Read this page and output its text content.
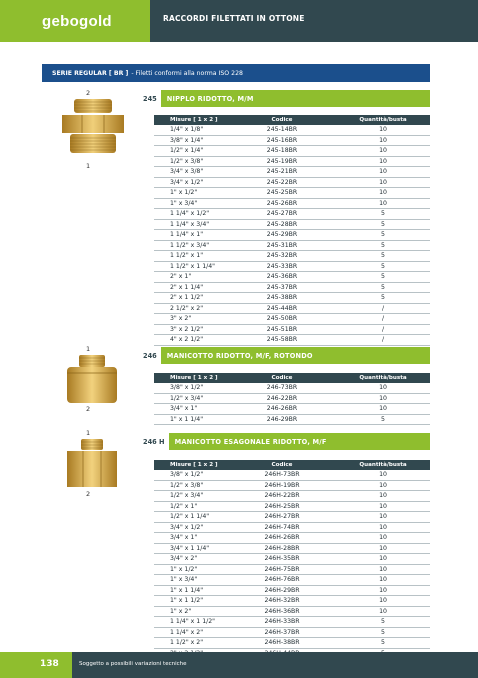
gebogold	RACCORDI FILETTATI IN OTTONE
SERIE REGULAR [ BR ] - Filetti conformi alla norma ISO 228
2
1
245	NIPPLO RIDOTTO, M/M
Misure [ 1 x 2 ]	Codice	Quantità/busta
1/4" x 1/8"	245-14BR	10
3/8" x 1/4"	245-16BR	10
1/2" x 1/4"	245-18BR	10
1/2" x 3/8"	245-19BR	10
3/4" x 3/8"	245-21BR	10
3/4" x 1/2"	245-22BR	10
1" x 1/2"	245-25BR	10
1" x 3/4"	245-26BR	10
1 1/4" x 1/2"	245-27BR	5
1 1/4" x 3/4"	245-28BR	5
1 1/4" x 1"	245-29BR	5
1 1/2" x 3/4"	245-31BR	5
1 1/2" x 1"	245-32BR	5
1 1/2" x 1 1/4"	245-33BR	5
2" x 1"	245-36BR	5
2" x 1 1/4"	245-37BR	5
2" x 1 1/2"	245-38BR	5
2 1/2" x 2"	245-44BR	/
3" x 2"	245-50BR	/
3" x 2 1/2"	245-51BR	/
4" x 2 1/2"	245-58BR	/

1
2
246	MANICOTTO RIDOTTO, M/F, ROTONDO
Misure [ 1 x 2 ]	Codice	Quantità/busta
3/8" x 1/2"	246-73BR	10
1/2" x 3/4"	246-22BR	10
3/4" x 1"	246-26BR	10
1" x 1 1/4"	246-29BR	5
1
2
246 H	MANICOTTO ESAGONALE RIDOTTO, M/F
Misure [ 1 x 2 ]	Codice	Quantità/busta
3/8" x 1/2"	246H-73BR	10
1/2" x 3/8"	246H-19BR	10
1/2" x 3/4"	246H-22BR	10
1/2" x 1"	246H-25BR	10
1/2" x 1 1/4"	246H-27BR	10
3/4" x 1/2"	246H-74BR	10
3/4" x 1"	246H-26BR	10
3/4" x 1 1/4"	246H-28BR	10
3/4" x 2"	246H-35BR	10
1" x 1/2"	246H-75BR	10
1" x 3/4"	246H-76BR	10
1" x 1 1/4"	246H-29BR	10
1" x 1 1/2"	246H-32BR	10
1" x 2"	246H-36BR	10
1 1/4" x 1 1/2"	246H-33BR	5
1 1/4" x 2"	246H-37BR	5
1 1/2" x 2"	246H-38BR	5

138	Soggetto a possibili variazioni tecniche
